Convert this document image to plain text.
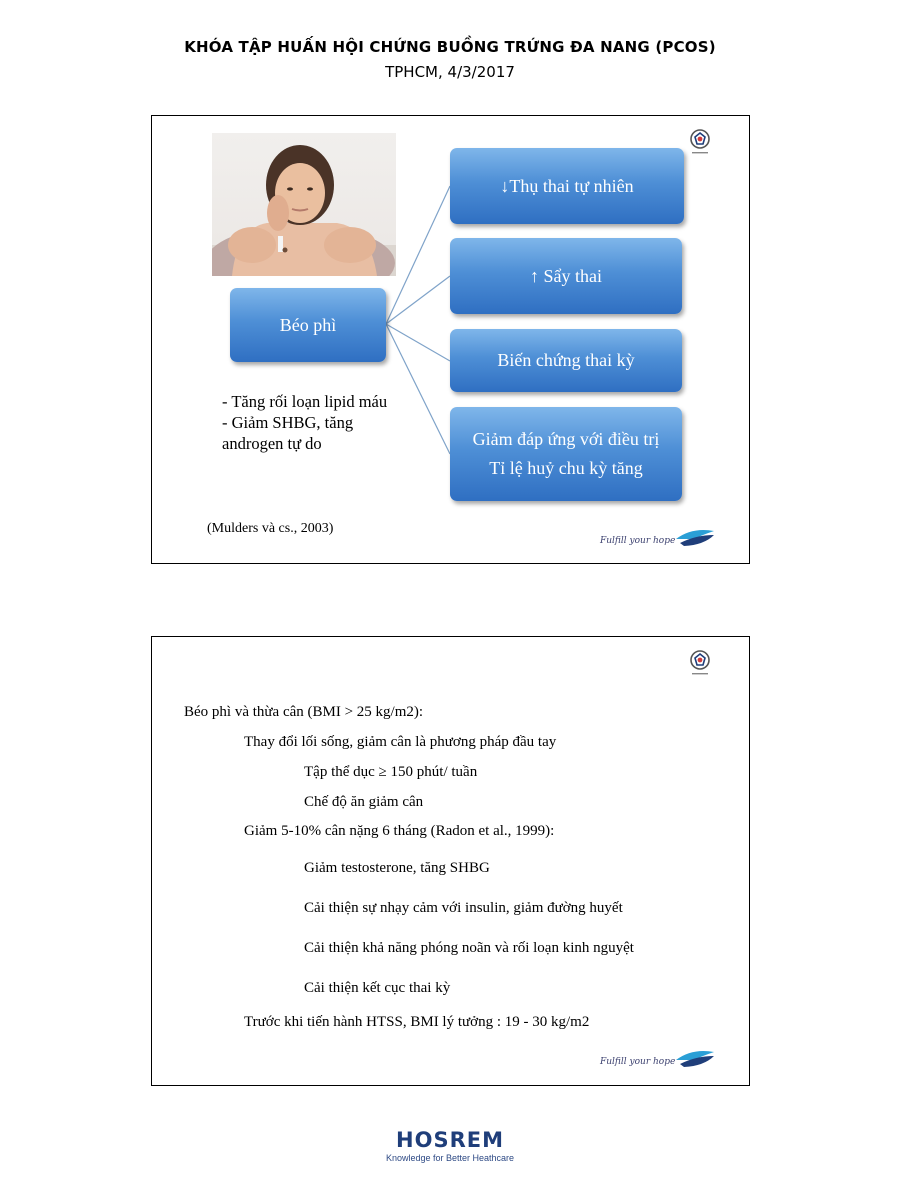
KHÓA TẬP HUẤN HỘI CHỨNG BUỒNG TRỨNG ĐA NANG (PCOS)
TPHCM, 4/3/2017
Béo phì
↓Thụ thai tự nhiên
↑ Sẩy thai
Biến chứng thai kỳ
Giảm đáp ứng với điều trị
Tỉ lệ huỷ chu kỳ tăng
- Tăng rối loạn lipid máu
- Giảm SHBG, tăng
androgen tự do
(Mulders và cs., 2003)
Fulfill your hope
Béo phì và thừa cân (BMI > 25 kg/m2):
Thay đổi lối sống, giảm cân là phương pháp đầu tay
Tập thể dục ≥ 150 phút/ tuần
Chế độ ăn giảm cân
Giảm 5-10% cân nặng 6 tháng (Radon et al., 1999):
Giảm testosterone, tăng SHBG
Cải thiện sự nhạy cảm với insulin, giảm đường huyết
Cải thiện khả năng phóng noãn và rối loạn kinh nguyệt
Cải thiện kết cục thai kỳ
Trước khi tiến hành HTSS, BMI lý tưởng : 19 - 30 kg/m2
Fulfill your hope
HOSREM
Knowledge for Better Heathcare
